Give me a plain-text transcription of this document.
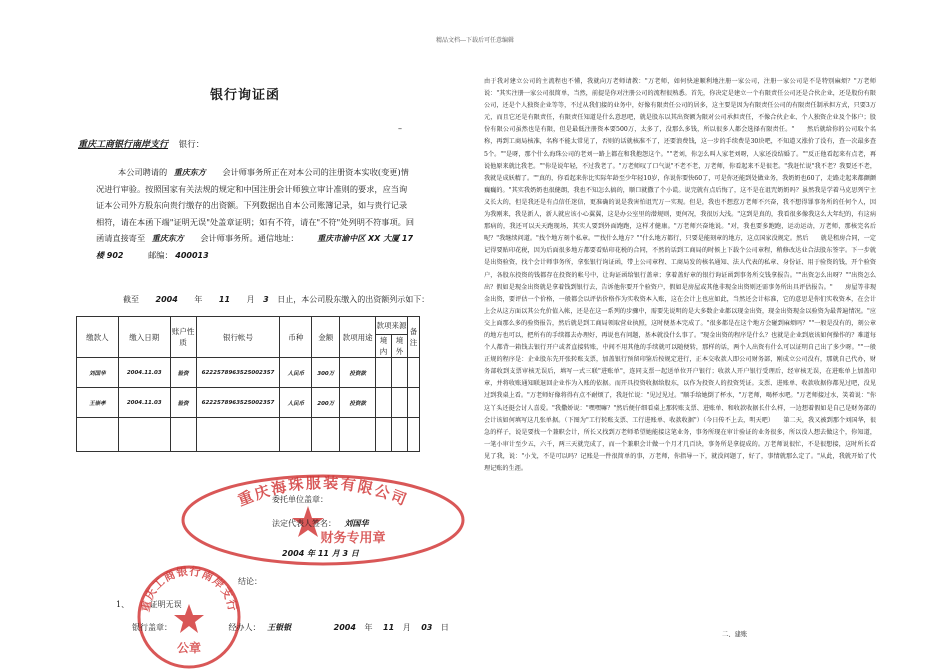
精品文档---下载后可任意编辑
银行询证函
–
重庆工商银行南岸支行 银行：
本公司聘请的 重庆东方 会计师事务所正在对本公司的注册资本实收(变更)情况进行审验。按照国家有关法规的规定和中国注册会计师独立审计准则的要求，应当询证本公司外方股东向贵行缴存的出资额。下列数据出自本公司账簿记录，如与贵行记录相符，请在本函下端"证明无误"处盖章证明；如有不符，请在"不符"处列明不符事项。回函请直接寄至 重庆东方 会计师事务所。通信地址： 重庆市渝中区 XX 大厦 17 楼 902	邮编： 400013
截至 2004 年 11 月 3 日止，本公司股东缴入的出资额列示如下：
缴款人	缴入日期	账户性质	银行帐号	币种	金额	款项用途	款项来源		备注
							境内	境外	
刘国华	2004.11.03	验资	6222578963525002357	人民币	300万	投资款			
王崇孝	2004.11.03	验资	6222578963525002357	人民币	200万	投资款			

重庆海珠服装有限公司
财务专用章
委托单位盖章：
法定代表人签名： 刘国华
2004 年 11 月 3 日
结论：
1、	证明无误
重庆工商银行南岸支行
公章
银行盖章：	经办人： 王银银	2004 年 11 月 03 日
由于我对建立公司的主流程也不懂，我就向万老师请教："万老师，如何快速顺利地注册一家公司，注册一家公司是不是特别麻烦？"万老师说："其实注册一家公司很简单，当然，前提是你对注册公司的流程很熟悉。首先，你决定是建立一个有限责任公司还是合伙企业，还是股份有限公司，还是个人独资企业等等，不过从我们接的业务中，好像有限责任公司的居多，这主要是因为有限责任公司的有限责任制承担方式，只要3万元，而且它还是有限责任，有限责任知道是什么意思吧，就是股东以其出资额为限对公司承担责任，不像合伙企业、个人独资企业及个体户；股份有限公司虽然也是有限，但是最低注册资本要500万，太多了，没那么多钱，所以很多人都会选择有限责任。"　　然后就给你的公司取个名称，再到工商局核准，名称不能太常见了，否则的话就核准不了，还要浪费钱，这一步的手续费是30块吧，不知道又涨价了没有，查一次最多查5个。""是呀，那个什么海珠公司的老刘一路上都在和我抱怨这个。""老刘，你怎么叫人家老刘呀，人家还没结婚了。""反正他看起来有点老，再说他原来就比我老。""你是说年轻，不过我老了。"万老师叹了口气说"不老不老，万老师，你看起来不是很老。"我赶忙说"我不老？我要还不老，我就是成妖精了。""真的，你看起来你比实际年龄至少年轻10岁，你说你要快60了，可是你还能到处做业务，我奶奶也60了，走路走起来都颤颤巍巍的。"其实我奶奶也很健朗，我也不知怎么搞的，顺口就撒了个小谎。说完就有点后悔了，这不是在诅咒奶奶吗？虽然我是学着马克思列宁主义长大的，但是我还是有点信任迷信，更准确的说是我害怕诅咒万一实现。但是，我也不想惹万老师不兴奋，我不想得罪事务所的任何个人，因为我刚来，我是新人，新人就应该小心翼翼，这是办公室里的潜规则，更何况，我很厉大浅。"这到是真的，我看很多像我这么大年纪的，有这病那病的，我还可以天天跑现场，其实人要到外面跑跑，这样才健康。"万老师兴奋地说。"对，我也要多跑跑，运动运动，万老师，那核完名后呢？"我继续问道。"找个地方刻个私章。""找什么地方？""什么地方都行，只要是能刻章的地方，这点国家没规定。然后　　就是租房合同，一定记得要贴印花税，因为后面很多地方都要看贴印花税的合同，不然的话到工商局的时候上下载个公司章程，稍修改达业合法股东签字。下一步就是出资验资，找个会计师事务所，拿张银行询证函，带上公司章程、工商局发的核名通知、法人代表的私章、身份证、用于验资的钱，开个验资户，各股东投资的钱都存在投资的帐号中，让询证函给银行盖章；拿着盖好章的银行询证函到事务所交钱拿报告。""出资怎么出呀？""出资怎么出？假如是现金出资就是拿着钱到银行去，告诉他你要开个验资户，假如是房屋或其他非现金出资则还需事务所出具评估报告。"　　房屋等非现金出资，要评估一个价格，一般都会以评估价格作为实收资本入账，这在会计上也应如此，当然还会计标准，它的意思是你们实收资本，在会计上会从这方面以其公允价值入帐，还是在这一系列的步骤中，需要先说明的是大多数企业都以现金出资，现金出资现金以验资为最普遍情况。"应交上面那么多的验资报告，然后就是到工商局领取营业执照，这时便基本完成了。"很多都是在这个地方会碰到麻烦吗？""一般是没有的，刻公章的地方也可以，把所有的手续都去办理好，再说也有问题，基本就没什么事了。"现金出资的程序是什么？也就是企业到底该如何操作的？难道每个人都背一箱钱去银行开户或者直接转账，中间不用其他的手续就可以随便转，那样的话，两个人出资有什么可以证明自己出了多少呀。""一般正规的程序是：企业股东先开张转账支票，加盖银行预留印鉴后按规定进行，正本交收款人即公司财务部，刚成立公司没有，那就自己代办，财务部收到支票审核无误后，填写一式三联"进账单"，连同支票一起送单位开户银行；收款人开户银行受理后，经审核无误，在进账单上加盖印章，并将收账通知联退回企业作为入账的依据。而开具投资收据给股东，以作为投资人的投资凭证。支票、进账单、收款收据你都见过吧，没见过到我桌上看。"万老师好像将得有点不耐烦了，我赶忙说："见过见过。"顺手给她倒了杯水，"万老师，喝杯水吧。"万老师接过水，笑着说："你这丫头还挺会讨人喜爱。"我撒娇说："嘿嘿嘛？"然后便仔细看桌上那转账支票、进账单、和收款收据长什么样，一边想着假如是自己是财务部的会计该如何填写这几张单据。（下图为"工行转账支票、工行进账单、收款收据"）（今日传不上去，明天吧）　　第二天，我又被到那个刘国华，很急的样子，说是要找一个兼职会计，所长又找到万老师希望她能接这笔业务，事务所现在审计验证的业务很多，所以没人想去做这个，你知道，一笔小审计至少五，六千，两三天就完成了，而一个兼职会计做一个月才几百块，事务所是拿提成的。万老师说很忙，不是很想接，这时所长看见了我，说："小戈，不是可以吗？记账是一件很简单的事，万老师，你指导一下，就没问题了，好了，事情就那么定了。"从此，我就开始了代理记账的生涯。
二、建账
